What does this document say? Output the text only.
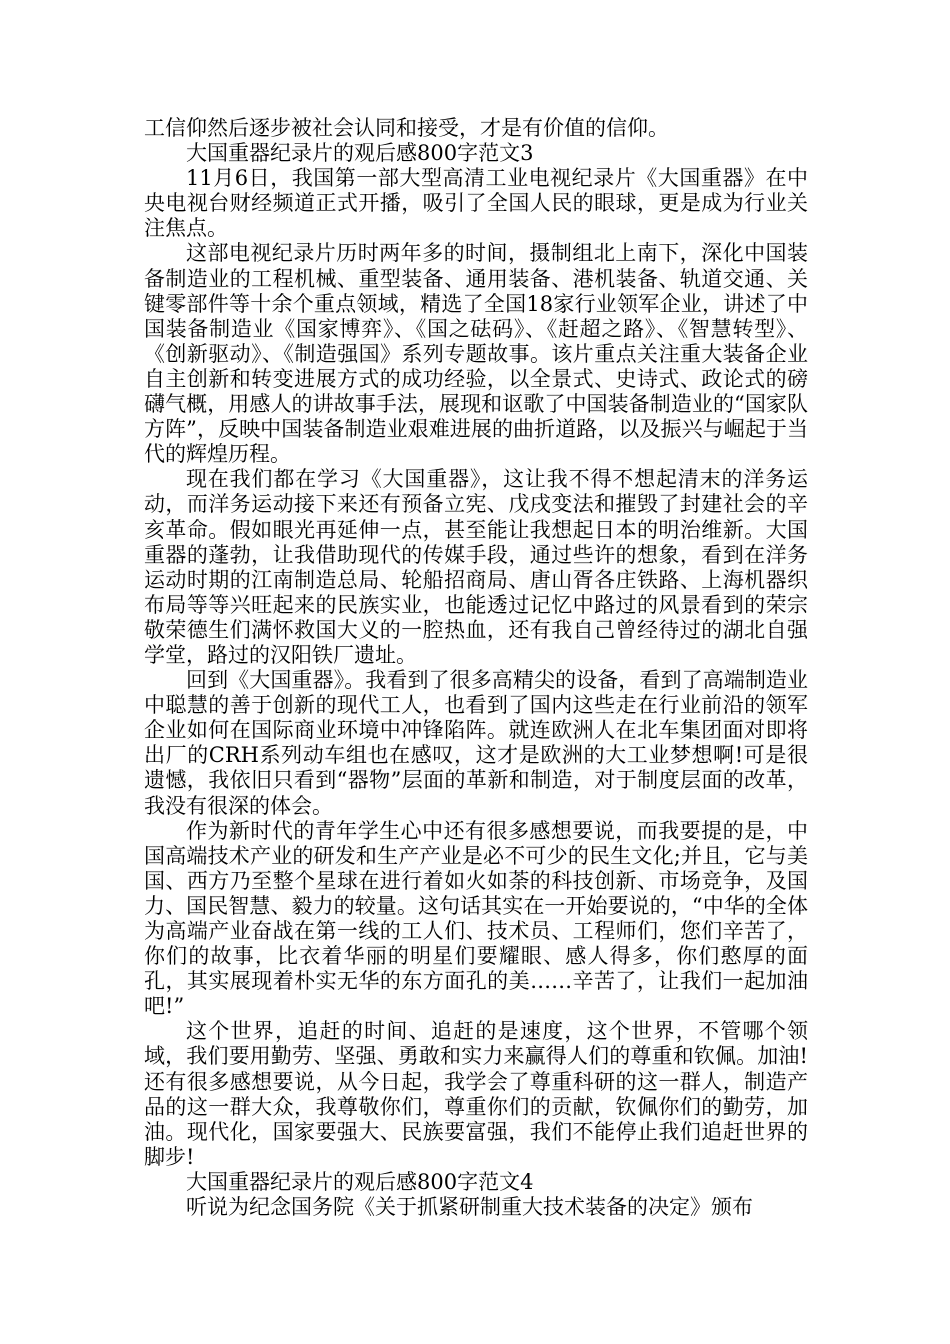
工信仰然后逐步被社会认同和接受，才是有价值的信仰。

大国重器纪录片的观后感800字范文3

11月6日，我国第一部大型高清工业电视纪录片《大国重器》在中央电视台财经频道正式开播，吸引了全国人民的眼球，更是成为行业关注焦点。

这部电视纪录片历时两年多的时间，摄制组北上南下，深化中国装备制造业的工程机械、重型装备、通用装备、港机装备、轨道交通、关键零部件等十余个重点领域，精选了全国18家行业领军企业，讲述了中国装备制造业《国家博弈》、《国之砝码》、《赶超之路》、《智慧转型》、《创新驱动》、《制造强国》系列专题故事。该片重点关注重大装备企业自主创新和转变进展方式的成功经验，以全景式、史诗式、政论式的磅礴气概，用感人的讲故事手法，展现和讴歌了中国装备制造业的“国家队方阵”，反映中国装备制造业艰难进展的曲折道路，以及振兴与崛起于当代的辉煌历程。

现在我们都在学习《大国重器》，这让我不得不想起清末的洋务运动，而洋务运动接下来还有预备立宪、戊戌变法和摧毁了封建社会的辛亥革命。假如眼光再延伸一点，甚至能让我想起日本的明治维新。大国重器的蓬勃，让我借助现代的传媒手段，通过些许的想象，看到在洋务运动时期的江南制造总局、轮船招商局、唐山胥各庄铁路、上海机器织布局等等兴旺起来的民族实业，也能透过记忆中路过的风景看到的荣宗敬荣德生们满怀救国大义的一腔热血，还有我自己曾经待过的湖北自强学堂，路过的汉阳铁厂遗址。

回到《大国重器》。我看到了很多高精尖的设备，看到了高端制造业中聪慧的善于创新的现代工人，也看到了国内这些走在行业前沿的领军企业如何在国际商业环境中冲锋陷阵。就连欧洲人在北车集团面对即将出厂的CRH系列动车组也在感叹，这才是欧洲的大工业梦想啊!可是很遗憾，我依旧只看到“器物”层面的革新和制造，对于制度层面的改革，我没有很深的体会。

作为新时代的青年学生心中还有很多感想要说，而我要提的是，中国高端技术产业的研发和生产产业是必不可少的民生文化;并且，它与美国、西方乃至整个星球在进行着如火如荼的科技创新、市场竞争，及国力、国民智慧、毅力的较量。这句话其实在一开始要说的，“中华的全体为高端产业奋战在第一线的工人们、技术员、工程师们，您们辛苦了，你们的故事，比衣着华丽的明星们要耀眼、感人得多，你们憨厚的面孔，其实展现着朴实无华的东方面孔的美……辛苦了，让我们一起加油吧!”

这个世界，追赶的时间、追赶的是速度，这个世界，不管哪个领域，我们要用勤劳、坚强、勇敢和实力来赢得人们的尊重和钦佩。加油!还有很多感想要说，从今日起，我学会了尊重科研的这一群人，制造产品的这一群大众，我尊敬你们，尊重你们的贡献，钦佩你们的勤劳，加油。现代化，国家要强大、民族要富强，我们不能停止我们追赶世界的脚步!

大国重器纪录片的观后感800字范文4

听说为纪念国务院《关于抓紧研制重大技术装备的决定》颁布
